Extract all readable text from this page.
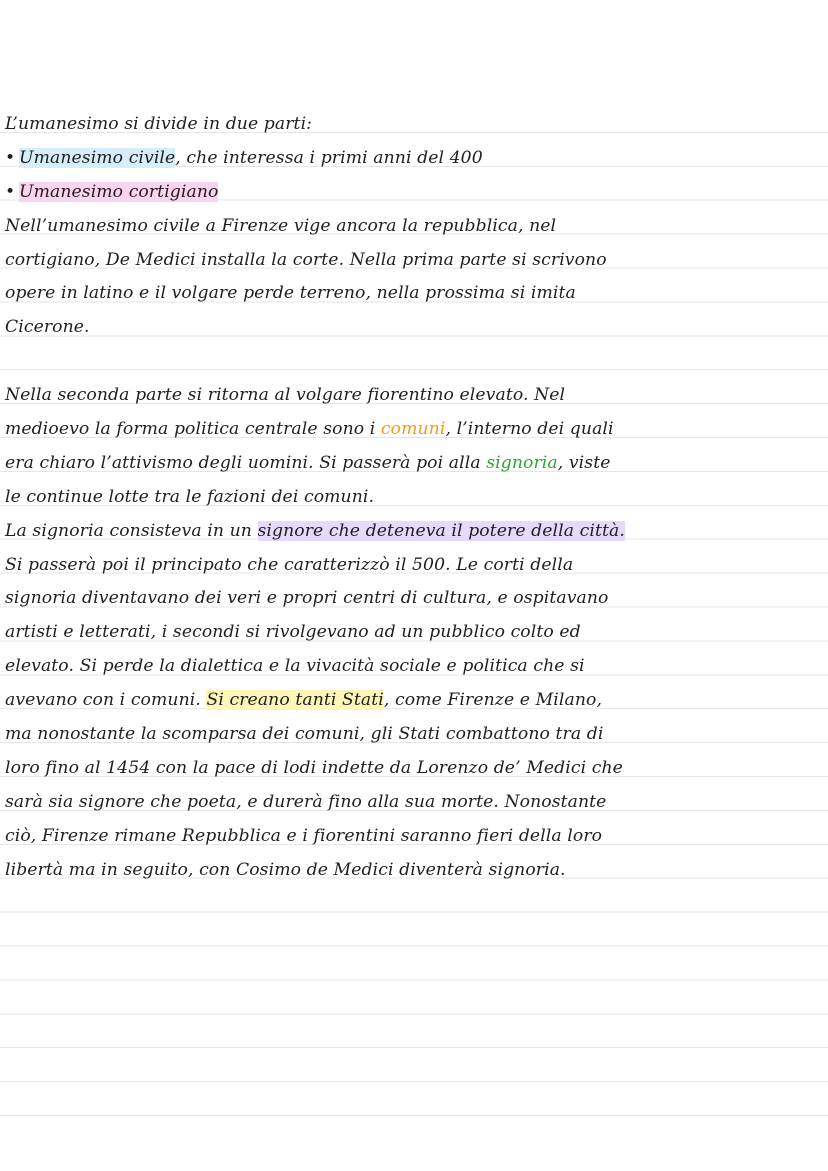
L’umanesimo si divide in due parti:
• Umanesimo civile, che interessa i primi anni del 400
• Umanesimo cortigiano
Nell’umanesimo civile a Firenze vige ancora la repubblica, nel
cortigiano, De Medici installa la corte. Nella prima parte si scrivono
opere in latino e il volgare perde terreno, nella prossima si imita
Cicerone.
Nella seconda parte si ritorna al volgare fiorentino elevato. Nel
medioevo la forma politica centrale sono i comuni, l’interno dei quali
era chiaro l’attivismo degli uomini. Si passerà poi alla signoria, viste
le continue lotte tra le fazioni dei comuni.
La signoria consisteva in un signore che deteneva il potere della città.
Si passerà poi il principato che caratterizzò il 500. Le corti della
signoria diventavano dei veri e propri centri di cultura, e ospitavano
artisti e letterati, i secondi si rivolgevano ad un pubblico colto ed
elevato. Si perde la dialettica e la vivacità sociale e politica che si
avevano con i comuni. Si creano tanti Stati, come Firenze e Milano,
ma nonostante la scomparsa dei comuni, gli Stati combattono tra di
loro fino al 1454 con la pace di lodi indette da Lorenzo de’ Medici che
sarà sia signore che poeta, e durerà fino alla sua morte. Nonostante
ciò, Firenze rimane Repubblica e i fiorentini saranno fieri della loro
libertà ma in seguito, con Cosimo de Medici diventerà signoria.
